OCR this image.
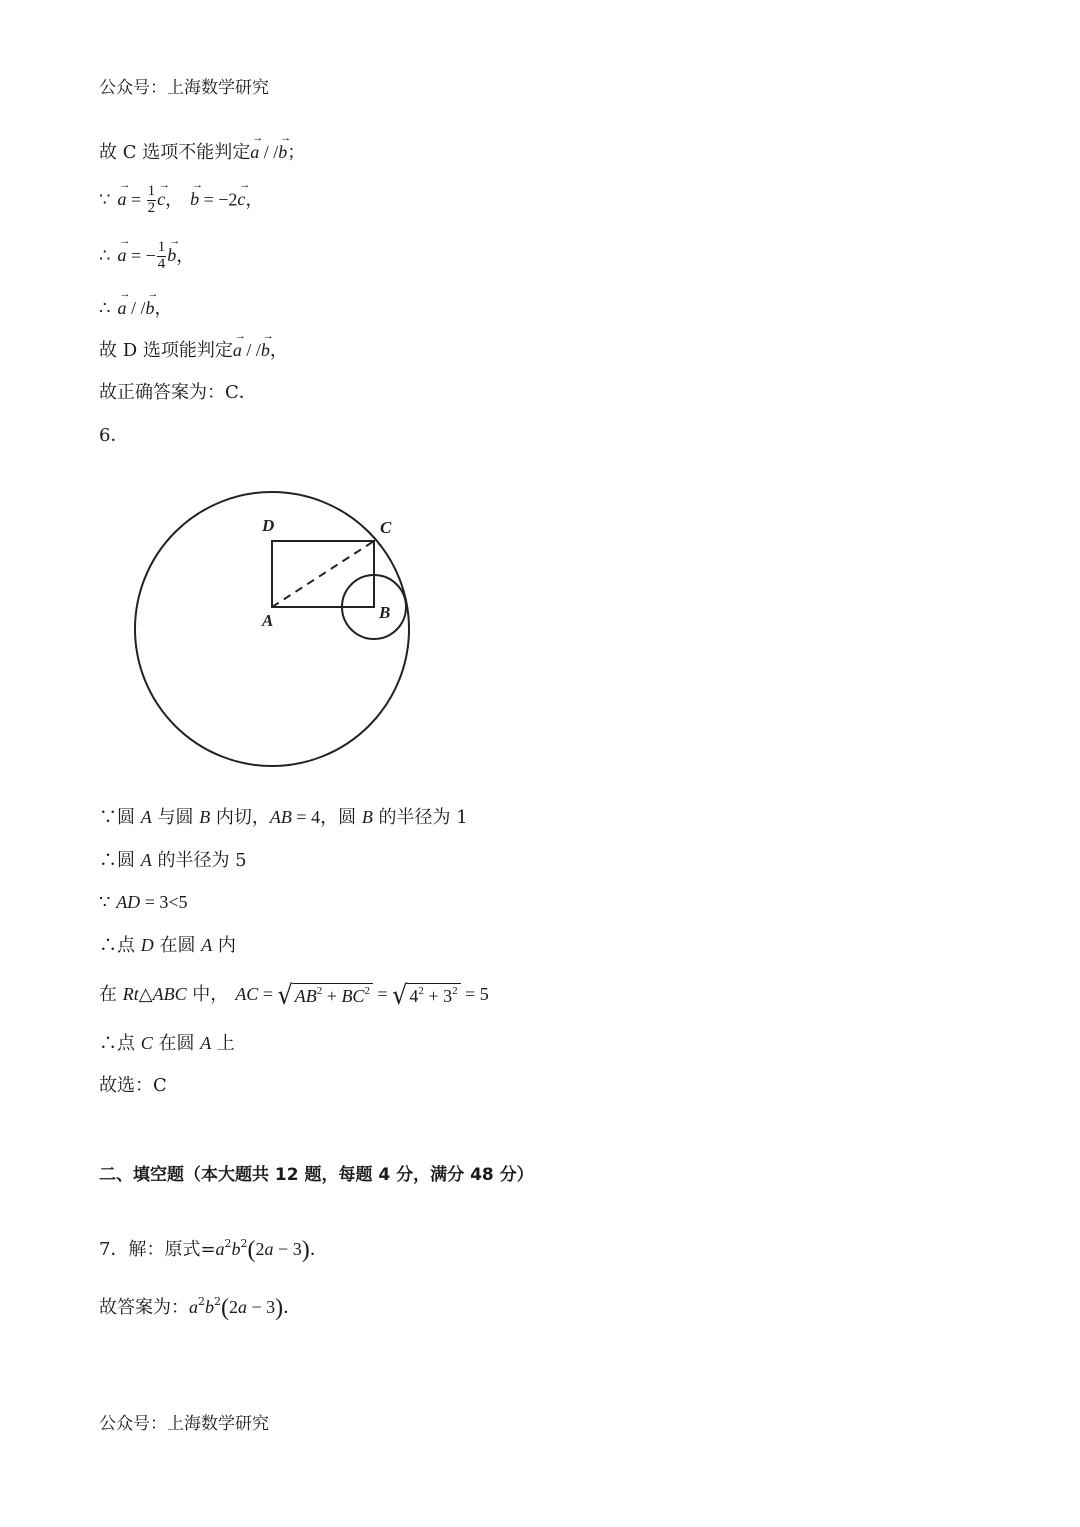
公众号：上海数学研究
故 C 选项不能判定→ a / /→ b；
∵→ $a = \frac{1}{2}$
→ c，→ b = −2→ c，
∴→ a = − $\frac{1}{4}$
→ b，
∴→ a / /→ b，
故 D 选项能判定→ a / /→ b，
故正确答案为：C．
6．
D	C
A	B
∵圆 A 与圆 B 内切，AB = 4，圆 B 的半径为 1
∴圆 A 的半径为 5
∵ AD = 3<5
∴点 D 在圆 A 内
在 Rt△ABC 中， AC = √ $AB^2 + BC^2$ = √ $4^2 + 3^2 = 5$
∴点 C 在圆 A 上
故选：C
二、填空题（本大题共 12 题，每题 4 分，满分 48 分）
7．解：原式$=a^2b^2(2a - 3)$．
故答案为：$a^2b^2(2a - 3)$．
公众号：上海数学研究
